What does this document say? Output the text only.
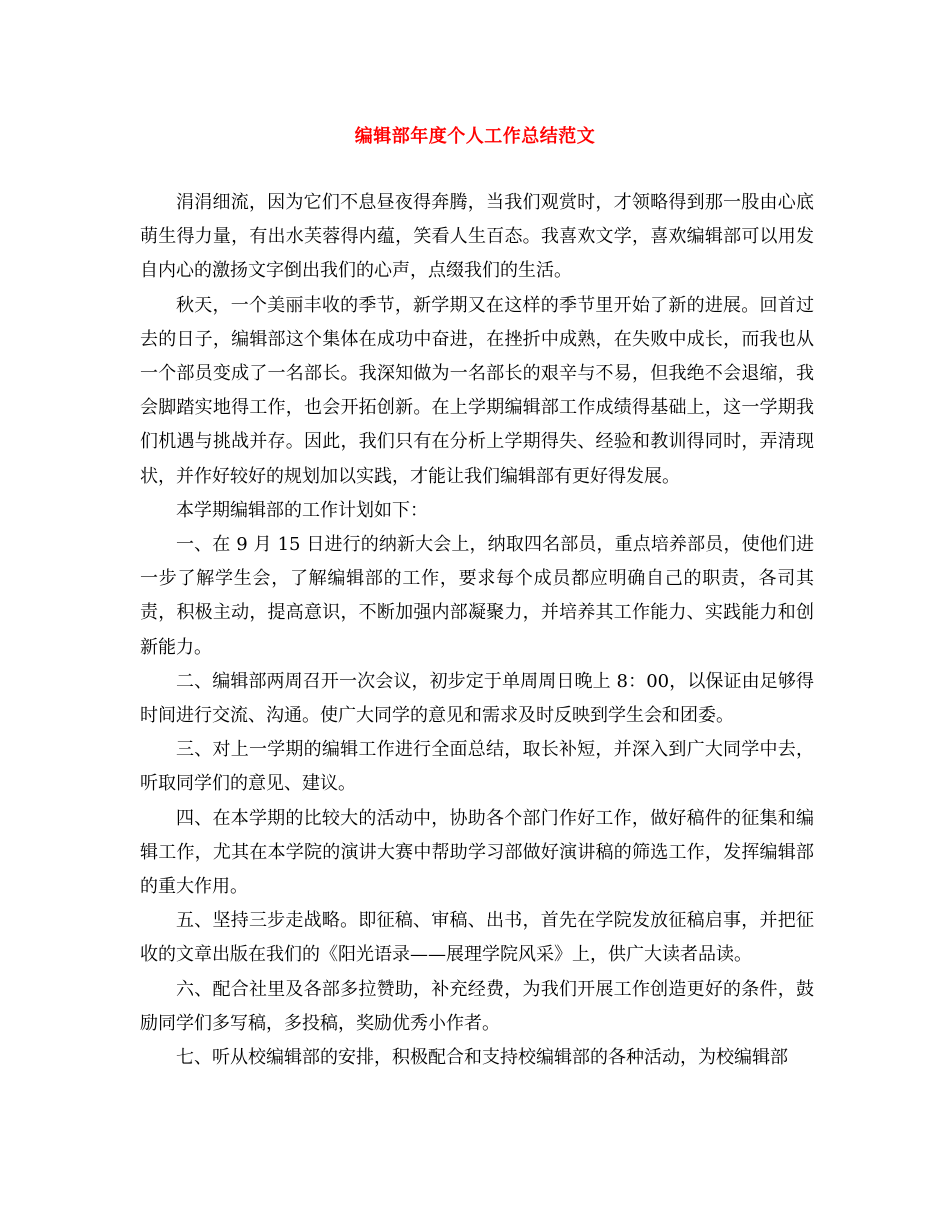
编辑部年度个人工作总结范文

涓涓细流，因为它们不息昼夜得奔腾，当我们观赏时，才领略得到那一股由心底萌生得力量，有出水芙蓉得内蕴，笑看人生百态。我喜欢文学，喜欢编辑部可以用发自内心的激扬文字倒出我们的心声，点缀我们的生活。

秋天，一个美丽丰收的季节，新学期又在这样的季节里开始了新的进展。回首过去的日子，编辑部这个集体在成功中奋进，在挫折中成熟，在失败中成长，而我也从一个部员变成了一名部长。我深知做为一名部长的艰辛与不易，但我绝不会退缩，我会脚踏实地得工作，也会开拓创新。在上学期编辑部工作成绩得基础上，这一学期我们机遇与挑战并存。因此，我们只有在分析上学期得失、经验和教训得同时，弄清现状，并作好较好的规划加以实践，才能让我们编辑部有更好得发展。

本学期编辑部的工作计划如下：

一、在 9 月 15 日进行的纳新大会上，纳取四名部员，重点培养部员，使他们进一步了解学生会，了解编辑部的工作，要求每个成员都应明确自己的职责，各司其责，积极主动，提高意识，不断加强内部凝聚力，并培养其工作能力、实践能力和创新能力。

二、编辑部两周召开一次会议，初步定于单周周日晚上 8：00，以保证由足够得时间进行交流、沟通。使广大同学的意见和需求及时反映到学生会和团委。

三、对上一学期的编辑工作进行全面总结，取长补短，并深入到广大同学中去，听取同学们的意见、建议。

四、在本学期的比较大的活动中，协助各个部门作好工作，做好稿件的征集和编辑工作，尤其在本学院的演讲大赛中帮助学习部做好演讲稿的筛选工作，发挥编辑部的重大作用。

五、坚持三步走战略。即征稿、审稿、出书，首先在学院发放征稿启事，并把征收的文章出版在我们的《阳光语录——展理学院风采》上，供广大读者品读。

六、配合社里及各部多拉赞助，补充经费，为我们开展工作创造更好的条件，鼓励同学们多写稿，多投稿，奖励优秀小作者。

七、听从校编辑部的安排，积极配合和支持校编辑部的各种活动，为校编辑部
